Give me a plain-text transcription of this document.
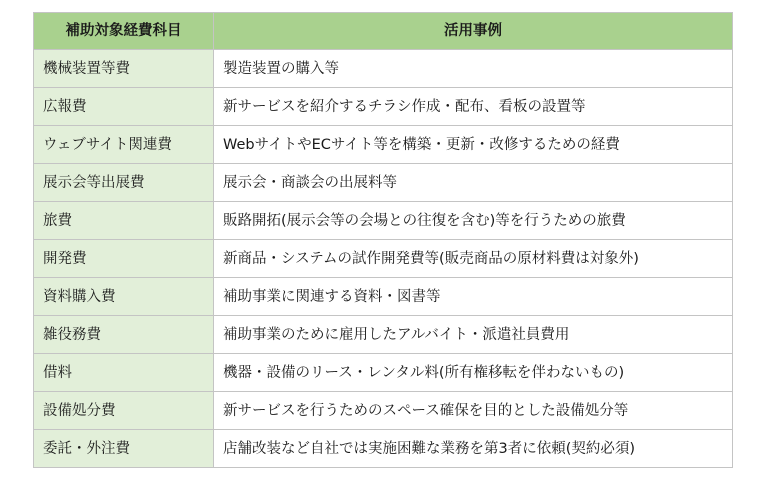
補助対象経費科目	活用事例
機械装置等費	製造装置の購入等
広報費	新サービスを紹介するチラシ作成・配布、看板の設置等
ウェブサイト関連費	WebサイトやECサイト等を構築・更新・改修するための経費
展示会等出展費	展示会・商談会の出展料等
旅費	販路開拓(展示会等の会場との往復を含む)等を行うための旅費
開発費	新商品・システムの試作開発費等(販売商品の原材料費は対象外)
資料購入費	補助事業に関連する資料・図書等
雑役務費	補助事業のために雇用したアルバイト・派遣社員費用
借料	機器・設備のリース・レンタル料(所有権移転を伴わないもの)
設備処分費	新サービスを行うためのスペース確保を目的とした設備処分等
委託・外注費	店舗改装など自社では実施困難な業務を第3者に依頼(契約必須)
